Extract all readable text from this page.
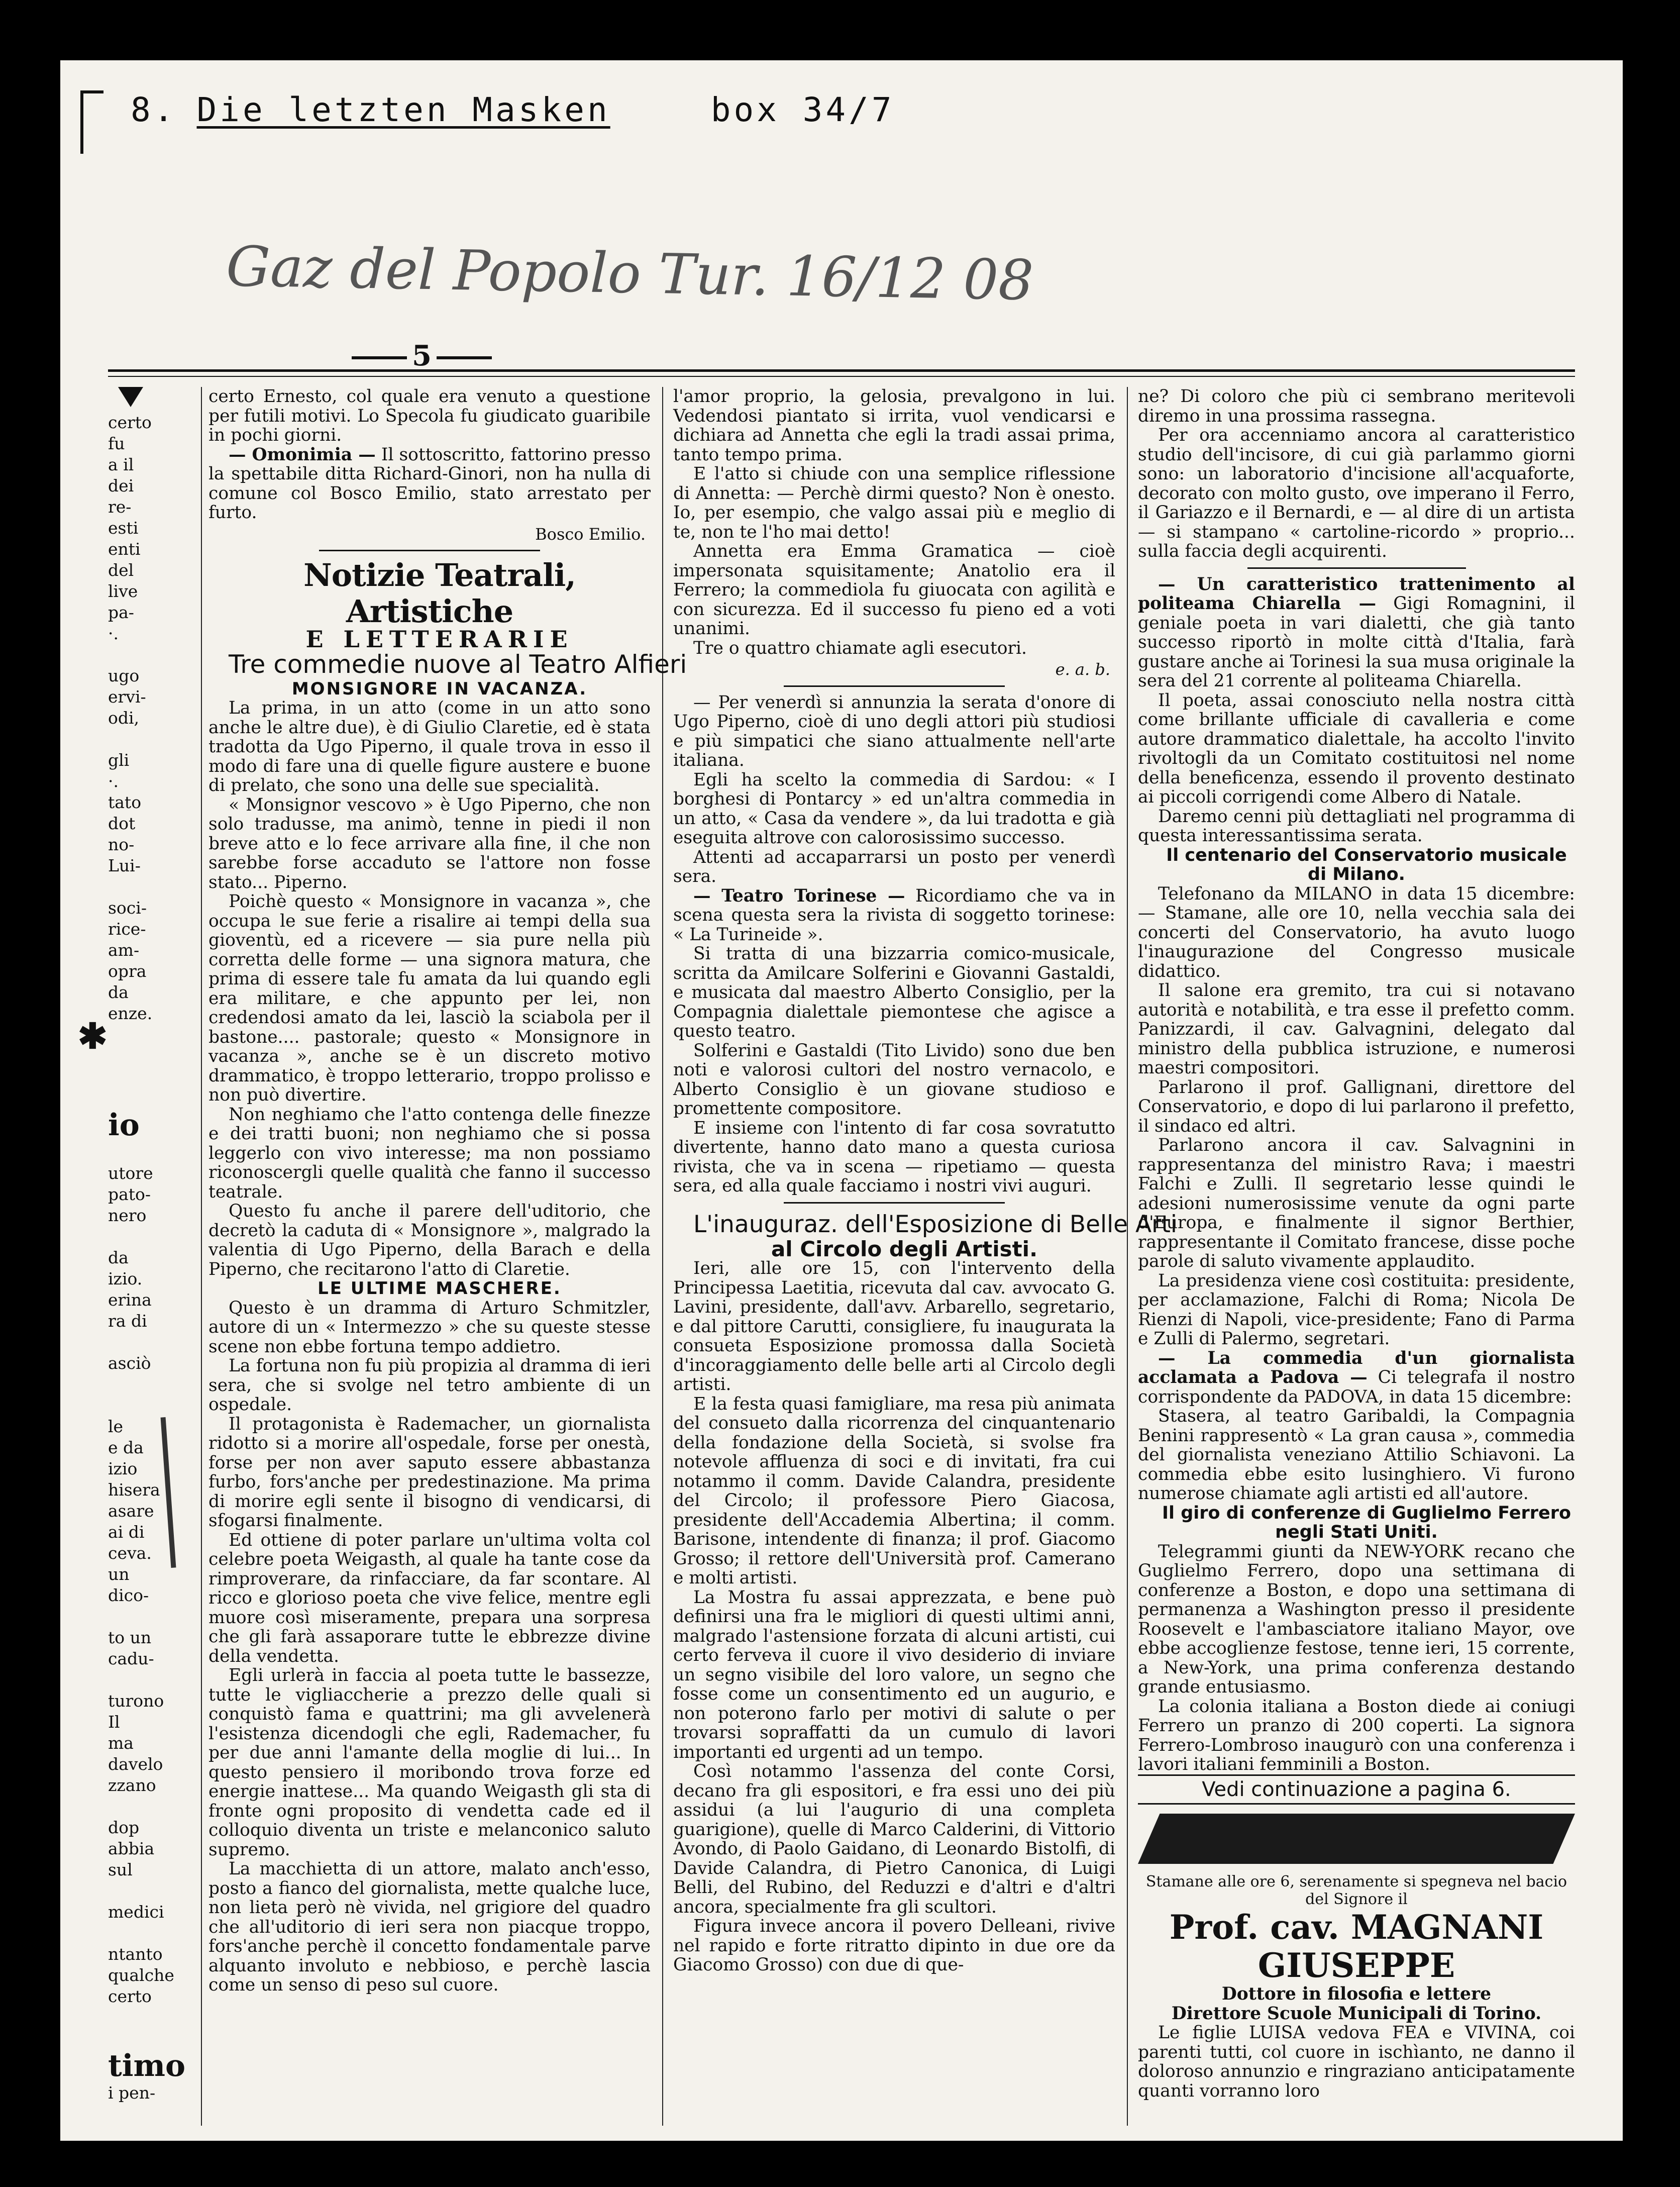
8. Die letzten Masken	box 34/7
Gaz del Popolo Tur. 16/12 08
5
certo
fu
a il
dei
re-
esti
enti
del
live
pa-
·.

ugo
ervi-
odi,

gli
·.
tato
dot
no-
Lui-

soci-
rice-
am-
opra
da
enze.

io

utore
pato-
nero

da
izio.
erina
ra di

asciò

le
e da
izio
hisera
asare
ai di
ceva.
un
dico-

to un
cadu-

turono
Il
ma
davelo
zzano

dop
abbia
sul

medici

ntanto
qualche
certo

timo
i pen-

certo Ernesto, col quale era venuto a questione per futili motivi. Lo Specola fu giudicato guaribile in pochi giorni.

— Omonimia — Il sottoscritto, fattorino presso la spettabile ditta Richard-Ginori, non ha nulla di comune col Bosco Emilio, stato arrestato per furto.

Bosco Emilio.

Notizie Teatrali, Artistiche

E LETTERARIE

Tre commedie nuove al Teatro Alfieri

MONSIGNORE IN VACANZA.

La prima, in un atto (come in un atto sono anche le altre due), è di Giulio Claretie, ed è stata tradotta da Ugo Piperno, il quale trova in esso il modo di fare una di quelle figure austere e buone di prelato, che sono una delle sue specialità.

« Monsignor vescovo » è Ugo Piperno, che non solo tradusse, ma animò, tenne in piedi il non breve atto e lo fece arrivare alla fine, il che non sarebbe forse accaduto se l'attore non fosse stato... Piperno.

Poichè questo « Monsignore in vacanza », che occupa le sue ferie a risalire ai tempi della sua gioventù, ed a ricevere — sia pure nella più corretta delle forme — una signora matura, che prima di essere tale fu amata da lui quando egli era militare, e che appunto per lei, non credendosi amato da lei, lasciò la sciabola per il bastone.... pastorale; questo « Monsignore in vacanza », anche se è un discreto motivo drammatico, è troppo letterario, troppo prolisso e non può divertire.

Non neghiamo che l'atto contenga delle finezze e dei tratti buoni; non neghiamo che si possa leggerlo con vivo interesse; ma non possiamo riconoscergli quelle qualità che fanno il successo teatrale.

Questo fu anche il parere dell'uditorio, che decretò la caduta di « Monsignore », malgrado la valentia di Ugo Piperno, della Barach e della Piperno, che recitarono l'atto di Claretie.

LE ULTIME MASCHERE.

Questo è un dramma di Arturo Schmitzler, autore di un « Intermezzo » che su queste stesse scene non ebbe fortuna tempo addietro.

La fortuna non fu più propizia al dramma di ieri sera, che si svolge nel tetro ambiente di un ospedale.

Il protagonista è Rademacher, un giornalista ridotto si a morire all'ospedale, forse per onestà, forse per non aver saputo essere abbastanza furbo, fors'anche per predestinazione. Ma prima di morire egli sente il bisogno di vendicarsi, di sfogarsi finalmente.

Ed ottiene di poter parlare un'ultima volta col celebre poeta Weigasth, al quale ha tante cose da rimproverare, da rinfacciare, da far scontare. Al ricco e glorioso poeta che vive felice, mentre egli muore così miseramente, prepara una sorpresa che gli farà assaporare tutte le ebbrezze divine della vendetta.

Egli urlerà in faccia al poeta tutte le bassezze, tutte le vigliaccherie a prezzo delle quali si conquistò fama e quattrini; ma gli avvelenerà l'esistenza dicendogli che egli, Rademacher, fu per due anni l'amante della moglie di lui... In questo pensiero il moribondo trova forze ed energie inattese... Ma quando Weigasth gli sta di fronte ogni proposito di vendetta cade ed il colloquio diventa un triste e melanconico saluto supremo.

La macchietta di un attore, malato anch'esso, posto a fianco del giornalista, mette qualche luce, non lieta però nè vivida, nel grigiore del quadro che all'uditorio di ieri sera non piacque troppo, fors'anche perchè il concetto fondamentale parve alquanto involuto e nebbioso, e perchè lascia come un senso di peso sul cuore.

l'amor proprio, la gelosia, prevalgono in lui. Vedendosi piantato si irrita, vuol vendicarsi e dichiara ad Annetta che egli la tradi assai prima, tanto tempo prima.

E l'atto si chiude con una semplice riflessione di Annetta: — Perchè dirmi questo? Non è onesto. Io, per esempio, che valgo assai più e meglio di te, non te l'ho mai detto!

Annetta era Emma Gramatica — cioè impersonata squisitamente; Anatolio era il Ferrero; la commediola fu giuocata con agilità e con sicurezza. Ed il successo fu pieno ed a voti unanimi.

Tre o quattro chiamate agli esecutori.

e. a. b.

— Per venerdì si annunzia la serata d'onore di Ugo Piperno, cioè di uno degli attori più studiosi e più simpatici che siano attualmente nell'arte italiana.

Egli ha scelto la commedia di Sardou: « I borghesi di Pontarcy » ed un'altra commedia in un atto, « Casa da vendere », da lui tradotta e già eseguita altrove con calorosissimo successo.

Attenti ad accaparrarsi un posto per venerdì sera.

— Teatro Torinese — Ricordiamo che va in scena questa sera la rivista di soggetto torinese: « La Turineide ».

Si tratta di una bizzarria comico-musicale, scritta da Amilcare Solferini e Giovanni Gastaldi, e musicata dal maestro Alberto Consiglio, per la Compagnia dialettale piemontese che agisce a questo teatro.

Solferini e Gastaldi (Tito Livido) sono due ben noti e valorosi cultori del nostro vernacolo, e Alberto Consiglio è un giovane studioso e promettente compositore.

E insieme con l'intento di far cosa sovratutto divertente, hanno dato mano a questa curiosa rivista, che va in scena — ripetiamo — questa sera, ed alla quale facciamo i nostri vivi auguri.

L'inauguraz. dell'Esposizione di Belle Arti

al Circolo degli Artisti.

Ieri, alle ore 15, con l'intervento della Principessa Laetitia, ricevuta dal cav. avvocato G. Lavini, presidente, dall'avv. Arbarello, segretario, e dal pittore Carutti, consigliere, fu inaugurata la consueta Esposizione promossa dalla Società d'incoraggiamento delle belle arti al Circolo degli artisti.

E la festa quasi famigliare, ma resa più animata del consueto dalla ricorrenza del cinquantenario della fondazione della Società, si svolse fra notevole affluenza di soci e di invitati, fra cui notammo il comm. Davide Calandra, presidente del Circolo; il professore Piero Giacosa, presidente dell'Accademia Albertina; il comm. Barisone, intendente di finanza; il prof. Giacomo Grosso; il rettore dell'Università prof. Camerano e molti artisti.

La Mostra fu assai apprezzata, e bene può definirsi una fra le migliori di questi ultimi anni, malgrado l'astensione forzata di alcuni artisti, cui certo ferveva il cuore il vivo desiderio di inviare un segno visibile del loro valore, un segno che fosse come un consentimento ed un augurio, e non poterono farlo per motivi di salute o per trovarsi sopraffatti da un cumulo di lavori importanti ed urgenti ad un tempo.

Così notammo l'assenza del conte Corsi, decano fra gli espositori, e fra essi uno dei più assidui (a lui l'augurio di una completa guarigione), quelle di Marco Calderini, di Vittorio Avondo, di Paolo Gaidano, di Leonardo Bistolfi, di Davide Calandra, di Pietro Canonica, di Luigi Belli, del Rubino, del Reduzzi e d'altri e d'altri ancora, specialmente fra gli scultori.

Figura invece ancora il povero Delleani, rivive nel rapido e forte ritratto dipinto in due ore da Giacomo Grosso) con due di que-

ne? Di coloro che più ci sembrano meritevoli diremo in una prossima rassegna.

Per ora accenniamo ancora al caratteristico studio dell'incisore, di cui già parlammo giorni sono: un laboratorio d'incisione all'acquaforte, decorato con molto gusto, ove imperano il Ferro, il Gariazzo e il Bernardi, e — al dire di un artista — si stampano « cartoline-ricordo » proprio... sulla faccia degli acquirenti.

— Un caratteristico trattenimento al politeama Chiarella — Gigi Romagnini, il geniale poeta in vari dialetti, che già tanto successo riportò in molte città d'Italia, farà gustare anche ai Torinesi la sua musa originale la sera del 21 corrente al politeama Chiarella.

Il poeta, assai conosciuto nella nostra città come brillante ufficiale di cavalleria e come autore drammatico dialettale, ha accolto l'invito rivoltogli da un Comitato costituitosi nel nome della beneficenza, essendo il provento destinato ai piccoli corrigendi come Albero di Natale.

Daremo cenni più dettagliati nel programma di questa interessantissima serata.

Il centenario del Conservatorio musicale di Milano.

Telefonano da MILANO in data 15 dicembre: — Stamane, alle ore 10, nella vecchia sala dei concerti del Conservatorio, ha avuto luogo l'inaugurazione del Congresso musicale didattico.

Il salone era gremito, tra cui si notavano autorità e notabilità, e tra esse il prefetto comm. Panizzardi, il cav. Galvagnini, delegato dal ministro della pubblica istruzione, e numerosi maestri compositori.

Parlarono il prof. Gallignani, direttore del Conservatorio, e dopo di lui parlarono il prefetto, il sindaco ed altri.

Parlarono ancora il cav. Salvagnini in rappresentanza del ministro Rava; i maestri Falchi e Zulli. Il segretario lesse quindi le adesioni numerosissime venute da ogni parte d'Europa, e finalmente il signor Berthier, rappresentante il Comitato francese, disse poche parole di saluto vivamente applaudito.

La presidenza viene così costituita: presidente, per acclamazione, Falchi di Roma; Nicola De Rienzi di Napoli, vice-presidente; Fano di Parma e Zulli di Palermo, segretari.

— La commedia d'un giornalista acclamata a Padova — Ci telegrafa il nostro corrispondente da PADOVA, in data 15 dicembre:

Stasera, al teatro Garibaldi, la Compagnia Benini rappresentò « La gran causa », commedia del giornalista veneziano Attilio Schiavoni. La commedia ebbe esito lusinghiero. Vi furono numerose chiamate agli artisti ed all'autore.

Il giro di conferenze di Guglielmo Ferrero negli Stati Uniti.

Telegrammi giunti da NEW-YORK recano che Guglielmo Ferrero, dopo una settimana di conferenze a Boston, e dopo una settimana di permanenza a Washington presso il presidente Roosevelt e l'ambasciatore italiano Mayor, ove ebbe accoglienze festose, tenne ieri, 15 corrente, a New-York, una prima conferenza destando grande entusiasmo.

La colonia italiana a Boston diede ai coniugi Ferrero un pranzo di 200 coperti. La signora Ferrero-Lombroso inaugurò con una conferenza i lavori italiani femminili a Boston.

Vedi continuazione a pagina 6.

Stamane alle ore 6, serenamente si spegneva nel bacio del Signore il

Prof. cav. MAGNANI GIUSEPPE

Dottore in filosofia e lettere

Direttore Scuole Municipali di Torino.

Le figlie LUISA vedova FEA e VIVINA, coi parenti tutti, col cuore in ischìanto, ne danno il doloroso annunzio e ringraziano anticipatamente quanti vorranno loro

✱
